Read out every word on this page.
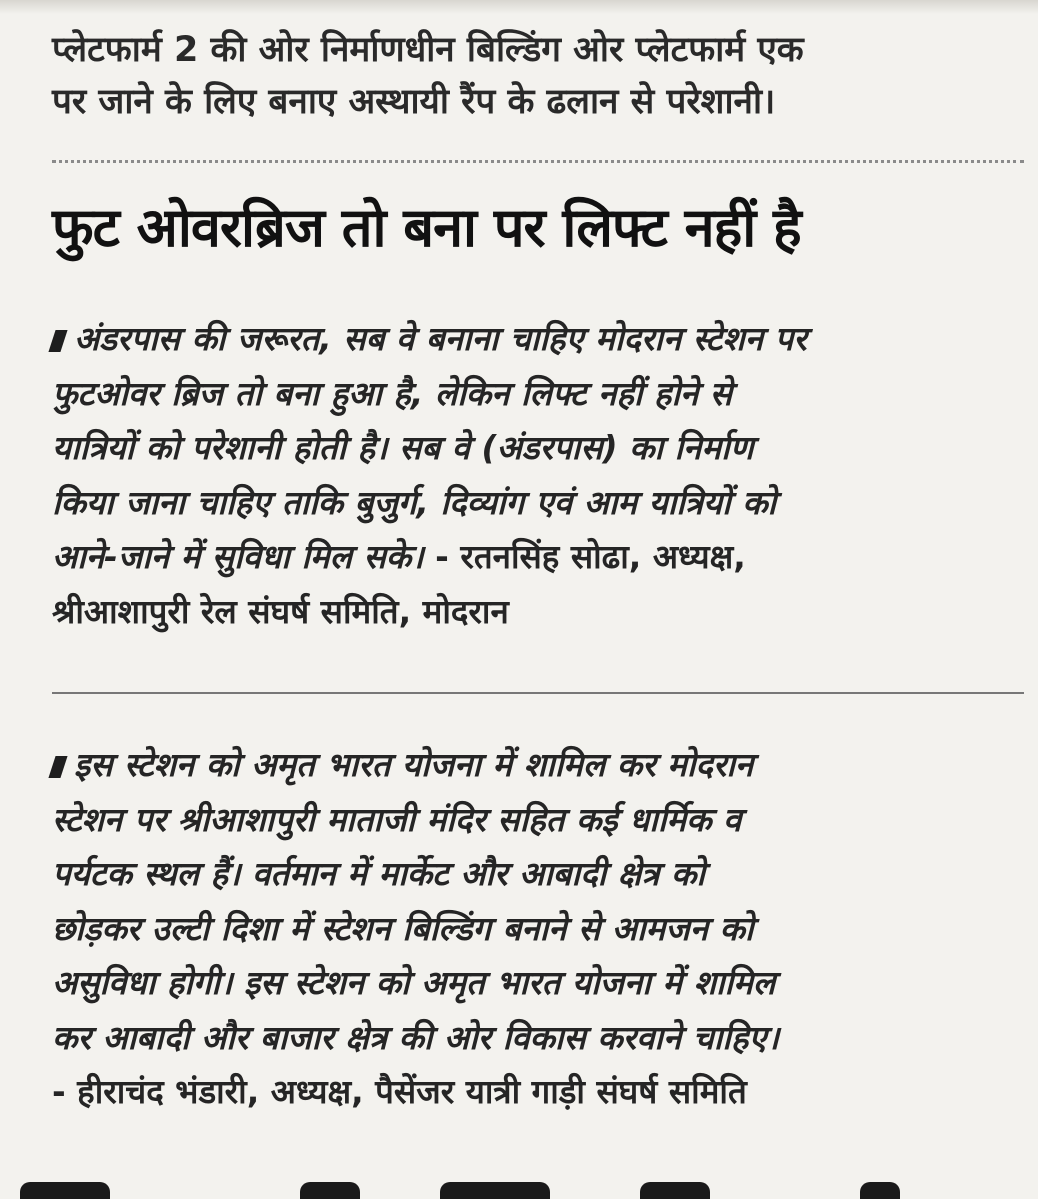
प्लेटफार्म 2 की ओर निर्माणधीन बिल्डिंग ओर प्लेटफार्म एक

पर जाने के लिए बनाए अस्थायी रैंप के ढलान से परेशानी।

फुट ओवरब्रिज तो बना पर लिफ्ट नहीं है
अंडरपास की जरूरत, सब वे बनाना चाहिए मोदरान स्टेशन पर
फुटओवर ब्रिज तो बना हुआ है, लेकिन लिफ्ट नहीं होने से
यात्रियों को परेशानी होती है। सब वे (अंडरपास) का निर्माण
किया जाना चाहिए ताकि बुजुर्ग, दिव्यांग एवं आम यात्रियों को
आने-जाने में सुविधा मिल सके। - रतनसिंह सोढा, अध्यक्ष,
श्रीआशापुरी रेल संघर्ष समिति, मोदरान
इस स्टेशन को अमृत भारत योजना में शामिल कर मोदरान
स्टेशन पर श्रीआशापुरी माताजी मंदिर सहित कई धार्मिक व
पर्यटक स्थल हैं। वर्तमान में मार्केट और आबादी क्षेत्र को
छोड़कर उल्टी दिशा में स्टेशन बिल्डिंग बनाने से आमजन को
असुविधा होगी। इस स्टेशन को अमृत भारत योजना में शामिल
कर आबादी और बाजार क्षेत्र की ओर विकास करवाने चाहिए।
- हीराचंद भंडारी, अध्यक्ष, पैसेंजर यात्री गाड़ी संघर्ष समिति
